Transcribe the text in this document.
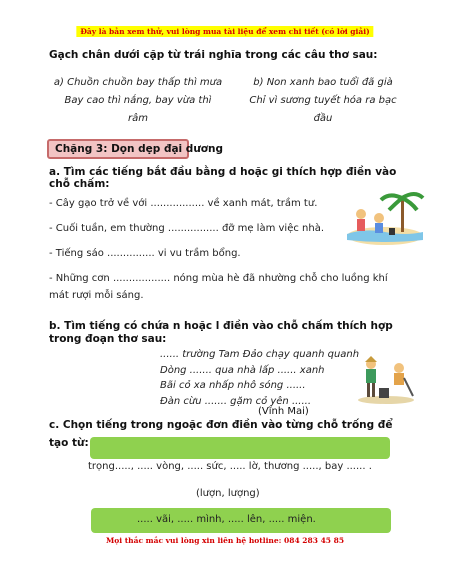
Đây là bản xem thử, vui lòng mua tài liệu để xem chi tiết (có lời giải)
Gạch chân dưới cặp từ trái nghĩa trong các câu thơ sau:
a) Chuồn chuồn bay thấp thì mưa
Bay cao thì nắng, bay vừa thì
râm
b) Non xanh bao tuổi đã già
Chỉ vì sương tuyết hóa ra bạc
đầu
Chặng 3: Dọn dẹp đại dương
a. Tìm các tiếng bắt đầu bằng d hoặc gi thích hợp điền vào
chỗ chấm:
- Cây gạo trở về với ................. về xanh mát, trầm tư.
- Cuối tuần, em thường ................ đỡ mẹ làm việc nhà.
- Tiếng sáo ............... vi vu trầm bổng.
- Những cơn .................. nóng mùa hè đã nhường chỗ cho luồng khí
mát rượi mỗi sáng.
b. Tìm tiếng có chứa n hoặc l điền vào chỗ chấm thích hợp
trong đoạn thơ sau:
...... trường Tam Đảo chạy quanh quanh
Dòng ....... qua nhà lấp ...... xanh
Bãi cỏ xa nhấp nhô sóng ......
Đàn cừu ....... gặm cỏ yên ......
(Vĩnh Mai)
c. Chọn tiếng trong ngoặc đơn điền vào từng chỗ trống để
tạo từ:
trọng....., ..... vòng, ..... sức, ..... lờ, thương ....., bay ...... .
(lượn, lượng)
..... vãi, ..... mình, ..... lên, ..... miện.
Mọi thắc mắc vui lòng xin liên hệ hotline: 084 283 45 85
